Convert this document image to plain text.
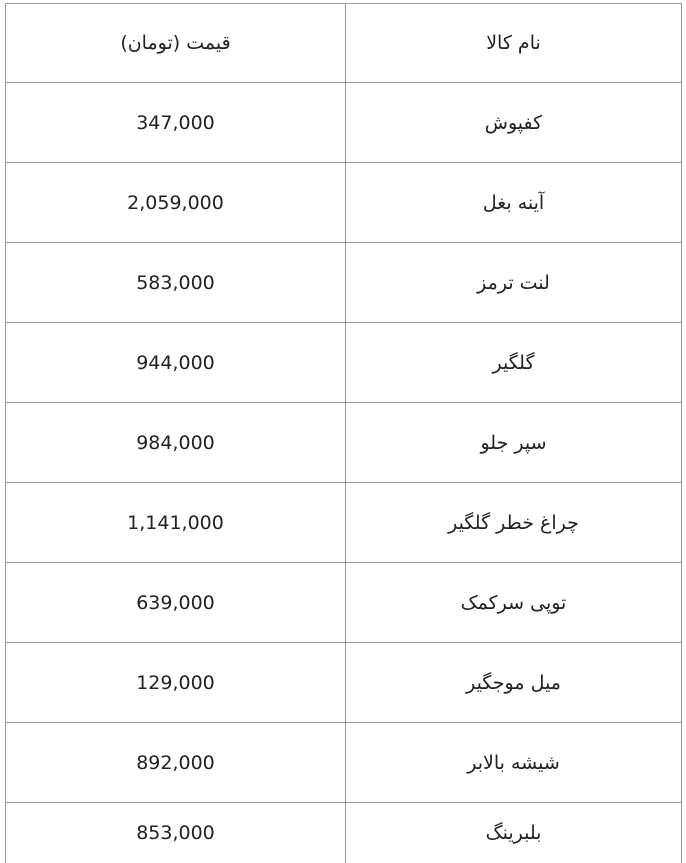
قیمت (تومان)	نام کالا
347,000	کفپوش
2,059,000	آینه بغل
583,000	لنت ترمز
944,000	گلگیر
984,000	سپر جلو
1,141,000	چراغ خطر گلگیر
639,000	توپی سرکمک
129,000	میل موجگیر
892,000	شیشه بالابر
853,000	بلبرینگ
